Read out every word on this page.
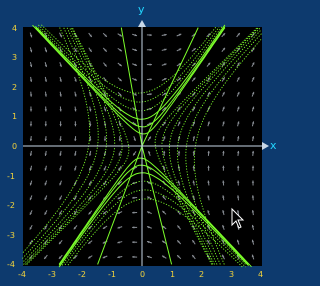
x
y
-4	-3	-2	-1	0	1	2	3	4
4
3
2
1
0
-1
-2
-3
-4
